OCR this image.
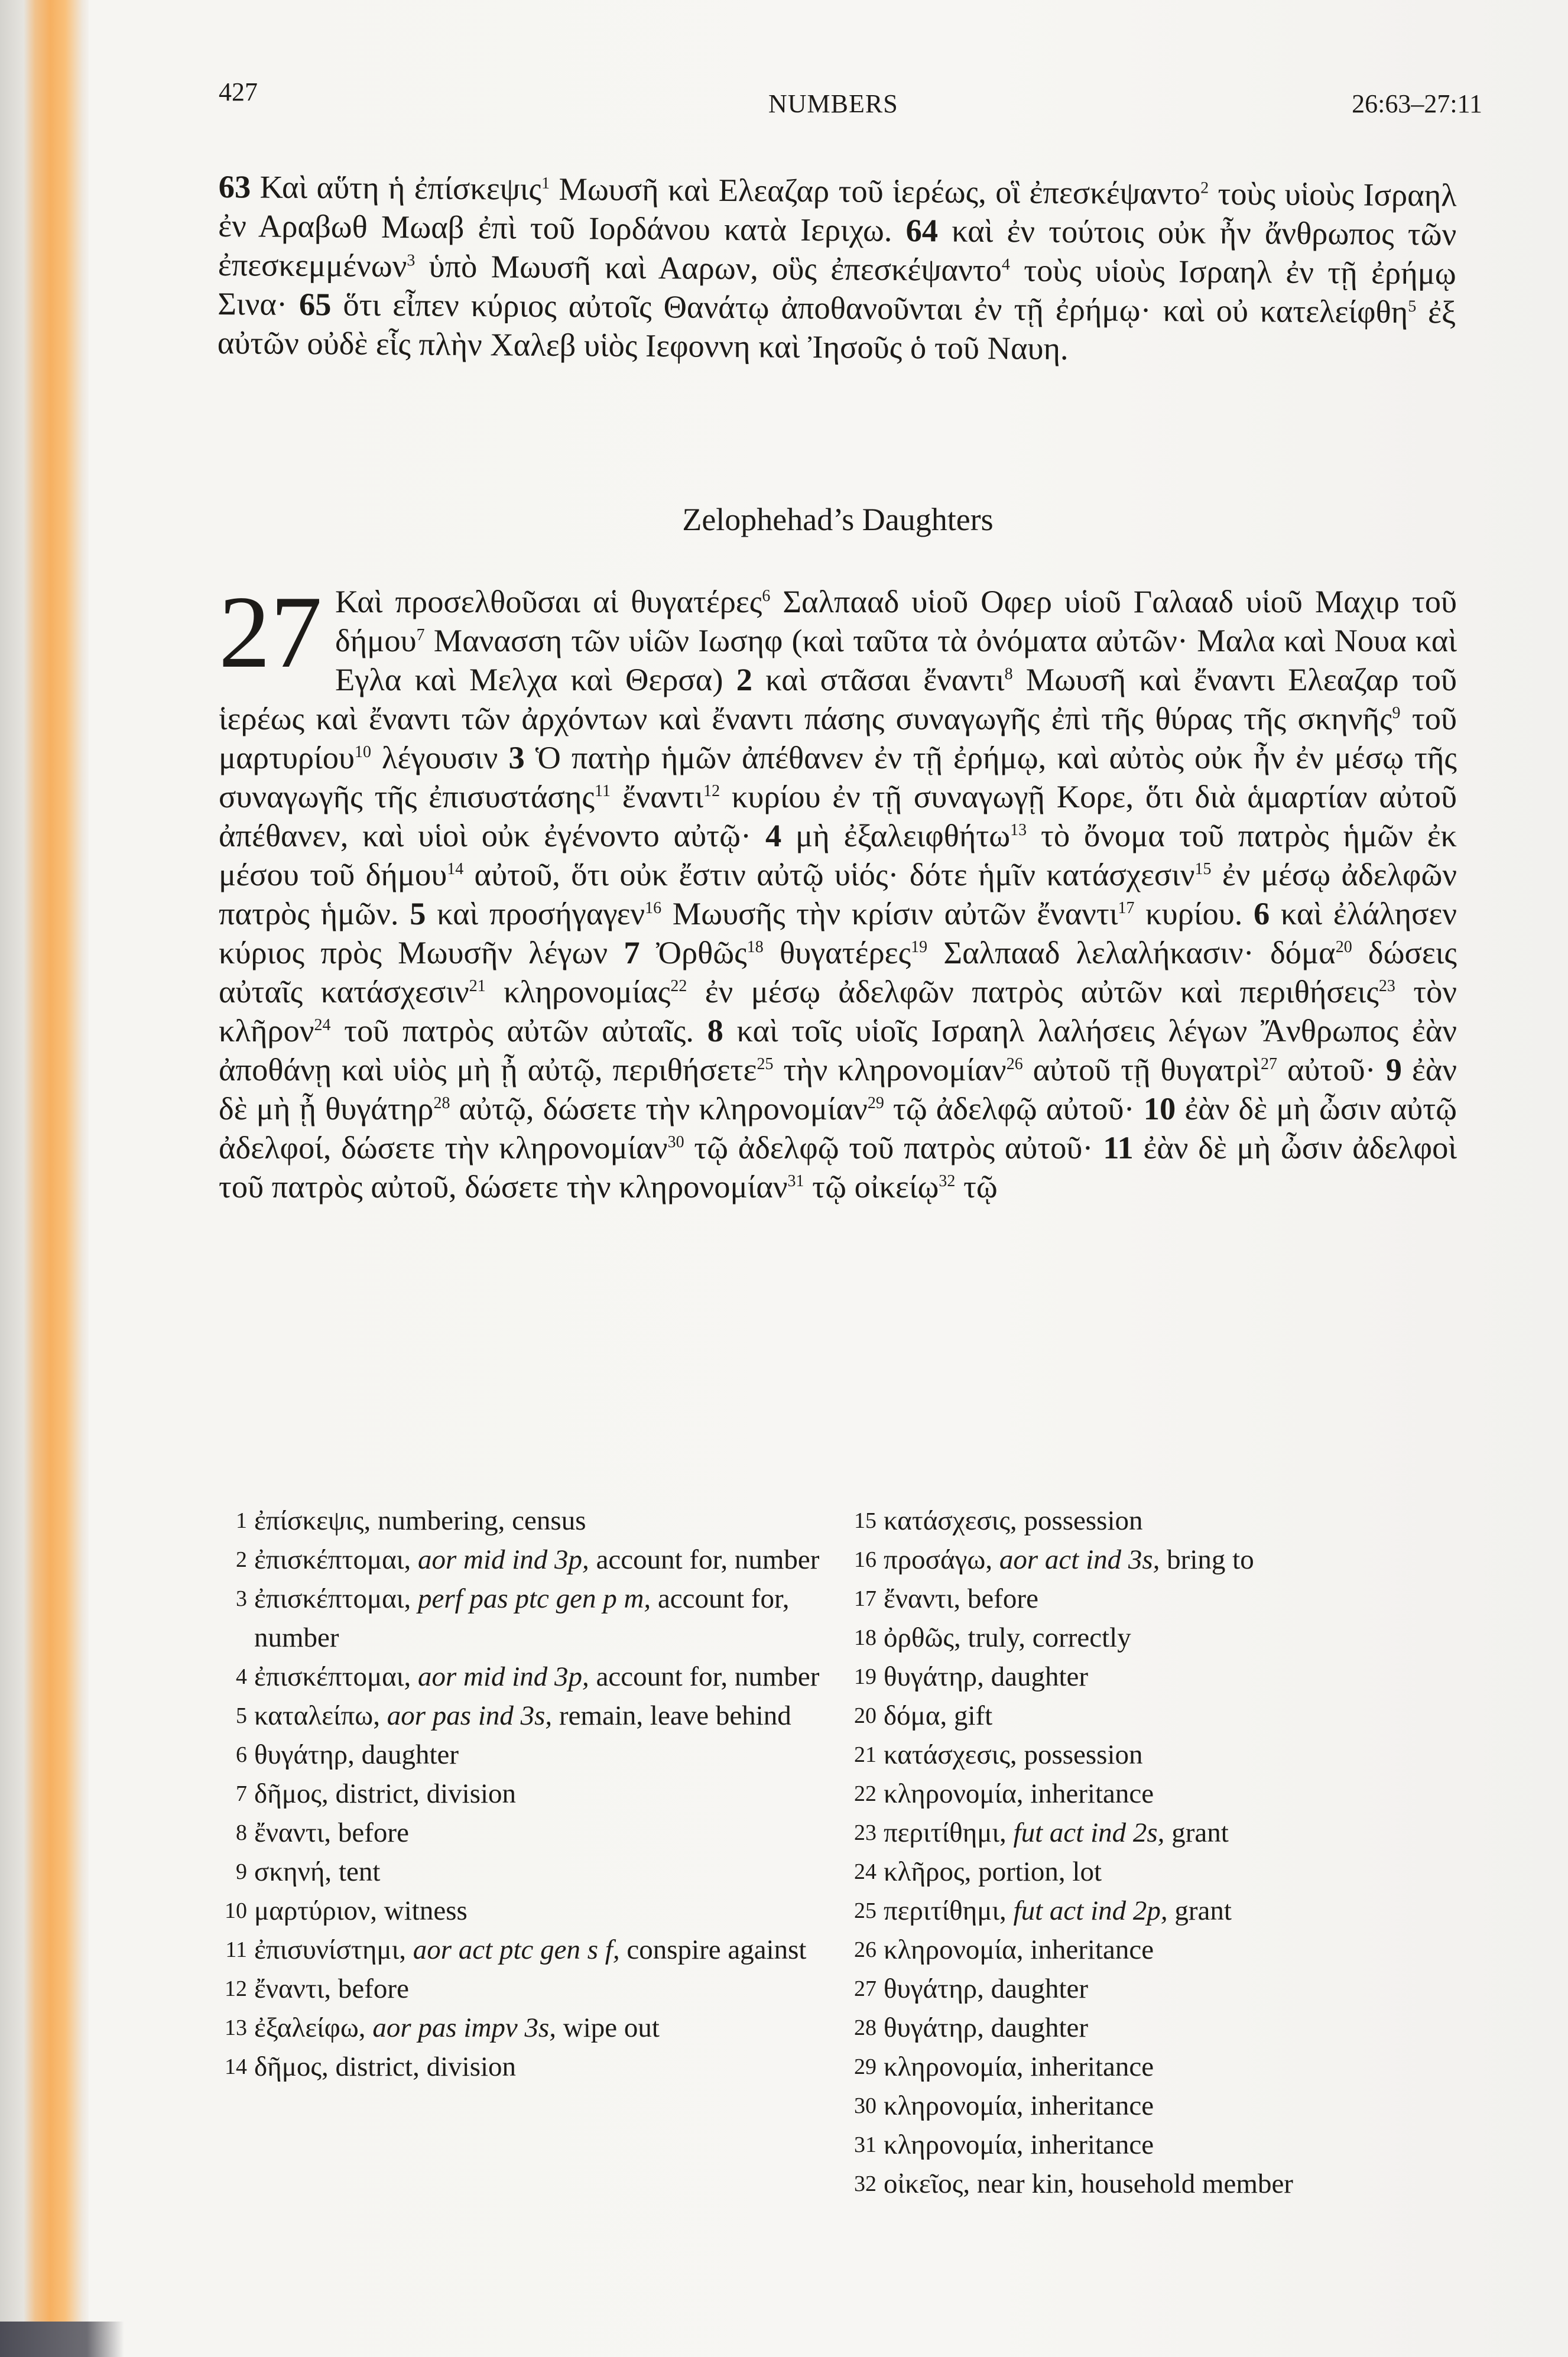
427	NUMBERS	26:63–27:11
63 Καὶ αὕτη ἡ ἐπίσκεψις$^1$ Μωυσῆ καὶ Ελεαζαρ τοῦ ἱερέως, οἳ ἐπεσκέψαντο$^2$ τοὺς υἱοὺς Ισραηλ ἐν Αραβωθ Μωαβ ἐπὶ τοῦ Ιορδάνου κατὰ Ιεριχω. 64 καὶ ἐν τούτοις οὐκ ἦν ἄνθρωπος τῶν ἐπεσκεμμένων$^3$ ὑπὸ Μωυσῆ καὶ Ααρων, οὓς ἐπεσκέψαντο$^4$ τοὺς υἱοὺς Ισραηλ ἐν τῇ ἐρήμῳ Σινα· 65 ὅτι εἶπεν κύριος αὐτοῖς Θανάτῳ ἀποθανοῦνται ἐν τῇ ἐρήμῳ· καὶ οὐ κατελείφθη$^5$ ἐξ αὐτῶν οὐδὲ εἷς πλὴν Χαλεβ υἱὸς Ιεφοννη καὶ Ἰησοῦς ὁ τοῦ Ναυη.
Zelophehad’s Daughters
27 Καὶ προσελθοῦσαι αἱ θυγατέρες$^6$ Σαλπααδ υἱοῦ Οφερ υἱοῦ Γαλααδ υἱοῦ Μαχιρ τοῦ δήμου$^7$ Μανασση τῶν υἱῶν Ιωσηφ (καὶ ταῦτα τὰ ὀνόματα αὐτῶν· Μαλα καὶ Νουα καὶ Εγλα καὶ Μελχα καὶ Θερσα) 2 καὶ στᾶσαι ἔναντι$^8$ Μωυσῆ καὶ ἔναντι Ελεαζαρ τοῦ ἱερέως καὶ ἔναντι τῶν ἀρχόντων καὶ ἔναντι πάσης συναγωγῆς ἐπὶ τῆς θύρας τῆς σκηνῆς$^9$ τοῦ μαρτυρίου$^{10}$ λέγουσιν 3 Ὁ πατὴρ ἡμῶν ἀπέθανεν ἐν τῇ ἐρήμῳ, καὶ αὐτὸς οὐκ ἦν ἐν μέσῳ τῆς συναγωγῆς τῆς ἐπισυστάσης$^{11}$ ἔναντι$^{12}$ κυρίου ἐν τῇ συναγωγῇ Κορε, ὅτι διὰ ἁμαρτίαν αὐτοῦ ἀπέθανεν, καὶ υἱοὶ οὐκ ἐγένοντο αὐτῷ· 4 μὴ ἐξαλειφθήτω$^{13}$ τὸ ὄνομα τοῦ πατρὸς ἡμῶν ἐκ μέσου τοῦ δήμου$^{14}$ αὐτοῦ, ὅτι οὐκ ἔστιν αὐτῷ υἱός· δότε ἡμῖν κατάσχεσιν$^{15}$ ἐν μέσῳ ἀδελφῶν πατρὸς ἡμῶν. 5 καὶ προσήγαγεν$^{16}$ Μωυσῆς τὴν κρίσιν αὐτῶν ἔναντι$^{17}$ κυρίου. 6 καὶ ἐλάλησεν κύριος πρὸς Μωυσῆν λέγων 7 Ὀρθῶς$^{18}$ θυγατέρες$^{19}$ Σαλπααδ λελαλήκασιν· δόμα$^{20}$ δώσεις αὐταῖς κατάσχεσιν$^{21}$ κληρονομίας$^{22}$ ἐν μέσῳ ἀδελφῶν πατρὸς αὐτῶν καὶ περιθήσεις$^{23}$ τὸν κλῆρον$^{24}$ τοῦ πατρὸς αὐτῶν αὐταῖς. 8 καὶ τοῖς υἱοῖς Ισραηλ λαλήσεις λέγων Ἄνθρωπος ἐὰν ἀποθάνῃ καὶ υἱὸς μὴ ᾖ αὐτῷ, περιθήσετε$^{25}$ τὴν κληρονομίαν$^{26}$ αὐτοῦ τῇ θυγατρὶ$^{27}$ αὐτοῦ· 9 ἐὰν δὲ μὴ ᾖ θυγάτηρ$^{28}$ αὐτῷ, δώσετε τὴν κληρονομίαν$^{29}$ τῷ ἀδελφῷ αὐτοῦ· 10 ἐὰν δὲ μὴ ὦσιν αὐτῷ ἀδελφοί, δώσετε τὴν κληρονομίαν$^{30}$ τῷ ἀδελφῷ τοῦ πατρὸς αὐτοῦ· 11 ἐὰν δὲ μὴ ὦσιν ἀδελφοὶ τοῦ πατρὸς αὐτοῦ, δώσετε τὴν κληρονομίαν$^{31}$ τῷ οἰκείῳ$^{32}$ τῷ
1 ἐπίσκεψις, numbering, census
2 ἐπισκέπτομαι, aor mid ind 3p, account for, number
3 ἐπισκέπτομαι, perf pas ptc gen p m, account for, number
4 ἐπισκέπτομαι, aor mid ind 3p, account for, number
5 καταλείπω, aor pas ind 3s, remain, leave behind
6 θυγάτηρ, daughter
7 δῆμος, district, division
8 ἔναντι, before
9 σκηνή, tent
10 μαρτύριον, witness
11 ἐπισυνίστημι, aor act ptc gen s f, conspire against
12 ἔναντι, before
13 ἐξαλείφω, aor pas impv 3s, wipe out
14 δῆμος, district, division
15 κατάσχεσις, possession
16 προσάγω, aor act ind 3s, bring to
17 ἔναντι, before
18 ὀρθῶς, truly, correctly
19 θυγάτηρ, daughter
20 δόμα, gift
21 κατάσχεσις, possession
22 κληρονομία, inheritance
23 περιτίθημι, fut act ind 2s, grant
24 κλῆρος, portion, lot
25 περιτίθημι, fut act ind 2p, grant
26 κληρονομία, inheritance
27 θυγάτηρ, daughter
28 θυγάτηρ, daughter
29 κληρονομία, inheritance
30 κληρονομία, inheritance
31 κληρονομία, inheritance
32 οἰκεῖος, near kin, household member
